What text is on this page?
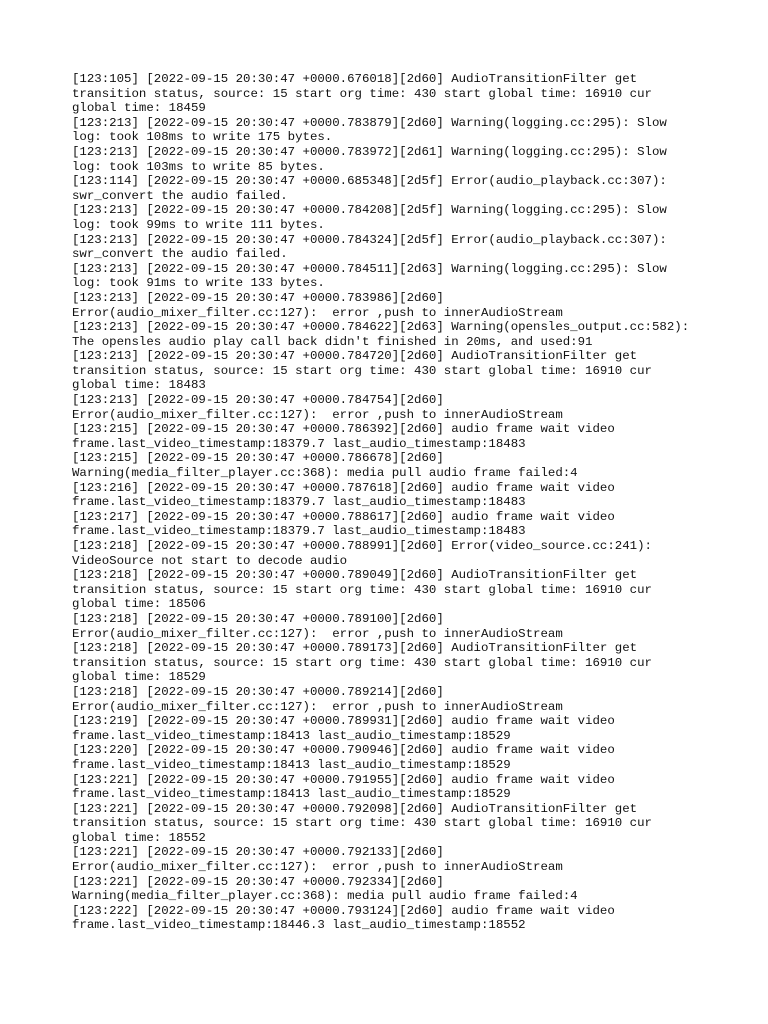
[123:105] [2022-09-15 20:30:47 +0000.676018][2d60] AudioTransitionFilter get
transition status, source: 15 start org time: 430 start global time: 16910 cur
global time: 18459
[123:213] [2022-09-15 20:30:47 +0000.783879][2d60] Warning(logging.cc:295): Slow
log: took 108ms to write 175 bytes.
[123:213] [2022-09-15 20:30:47 +0000.783972][2d61] Warning(logging.cc:295): Slow
log: took 103ms to write 85 bytes.
[123:114] [2022-09-15 20:30:47 +0000.685348][2d5f] Error(audio_playback.cc:307):
swr_convert the audio failed.
[123:213] [2022-09-15 20:30:47 +0000.784208][2d5f] Warning(logging.cc:295): Slow
log: took 99ms to write 111 bytes.
[123:213] [2022-09-15 20:30:47 +0000.784324][2d5f] Error(audio_playback.cc:307):
swr_convert the audio failed.
[123:213] [2022-09-15 20:30:47 +0000.784511][2d63] Warning(logging.cc:295): Slow
log: took 91ms to write 133 bytes.
[123:213] [2022-09-15 20:30:47 +0000.783986][2d60]
Error(audio_mixer_filter.cc:127):  error ,push to innerAudioStream
[123:213] [2022-09-15 20:30:47 +0000.784622][2d63] Warning(opensles_output.cc:582):
The opensles audio play call back didn't finished in 20ms, and used:91
[123:213] [2022-09-15 20:30:47 +0000.784720][2d60] AudioTransitionFilter get
transition status, source: 15 start org time: 430 start global time: 16910 cur
global time: 18483
[123:213] [2022-09-15 20:30:47 +0000.784754][2d60]
Error(audio_mixer_filter.cc:127):  error ,push to innerAudioStream
[123:215] [2022-09-15 20:30:47 +0000.786392][2d60] audio frame wait video
frame.last_video_timestamp:18379.7 last_audio_timestamp:18483
[123:215] [2022-09-15 20:30:47 +0000.786678][2d60]
Warning(media_filter_player.cc:368): media pull audio frame failed:4
[123:216] [2022-09-15 20:30:47 +0000.787618][2d60] audio frame wait video
frame.last_video_timestamp:18379.7 last_audio_timestamp:18483
[123:217] [2022-09-15 20:30:47 +0000.788617][2d60] audio frame wait video
frame.last_video_timestamp:18379.7 last_audio_timestamp:18483
[123:218] [2022-09-15 20:30:47 +0000.788991][2d60] Error(video_source.cc:241):
VideoSource not start to decode audio
[123:218] [2022-09-15 20:30:47 +0000.789049][2d60] AudioTransitionFilter get
transition status, source: 15 start org time: 430 start global time: 16910 cur
global time: 18506
[123:218] [2022-09-15 20:30:47 +0000.789100][2d60]
Error(audio_mixer_filter.cc:127):  error ,push to innerAudioStream
[123:218] [2022-09-15 20:30:47 +0000.789173][2d60] AudioTransitionFilter get
transition status, source: 15 start org time: 430 start global time: 16910 cur
global time: 18529
[123:218] [2022-09-15 20:30:47 +0000.789214][2d60]
Error(audio_mixer_filter.cc:127):  error ,push to innerAudioStream
[123:219] [2022-09-15 20:30:47 +0000.789931][2d60] audio frame wait video
frame.last_video_timestamp:18413 last_audio_timestamp:18529
[123:220] [2022-09-15 20:30:47 +0000.790946][2d60] audio frame wait video
frame.last_video_timestamp:18413 last_audio_timestamp:18529
[123:221] [2022-09-15 20:30:47 +0000.791955][2d60] audio frame wait video
frame.last_video_timestamp:18413 last_audio_timestamp:18529
[123:221] [2022-09-15 20:30:47 +0000.792098][2d60] AudioTransitionFilter get
transition status, source: 15 start org time: 430 start global time: 16910 cur
global time: 18552
[123:221] [2022-09-15 20:30:47 +0000.792133][2d60]
Error(audio_mixer_filter.cc:127):  error ,push to innerAudioStream
[123:221] [2022-09-15 20:30:47 +0000.792334][2d60]
Warning(media_filter_player.cc:368): media pull audio frame failed:4
[123:222] [2022-09-15 20:30:47 +0000.793124][2d60] audio frame wait video
frame.last_video_timestamp:18446.3 last_audio_timestamp:18552
